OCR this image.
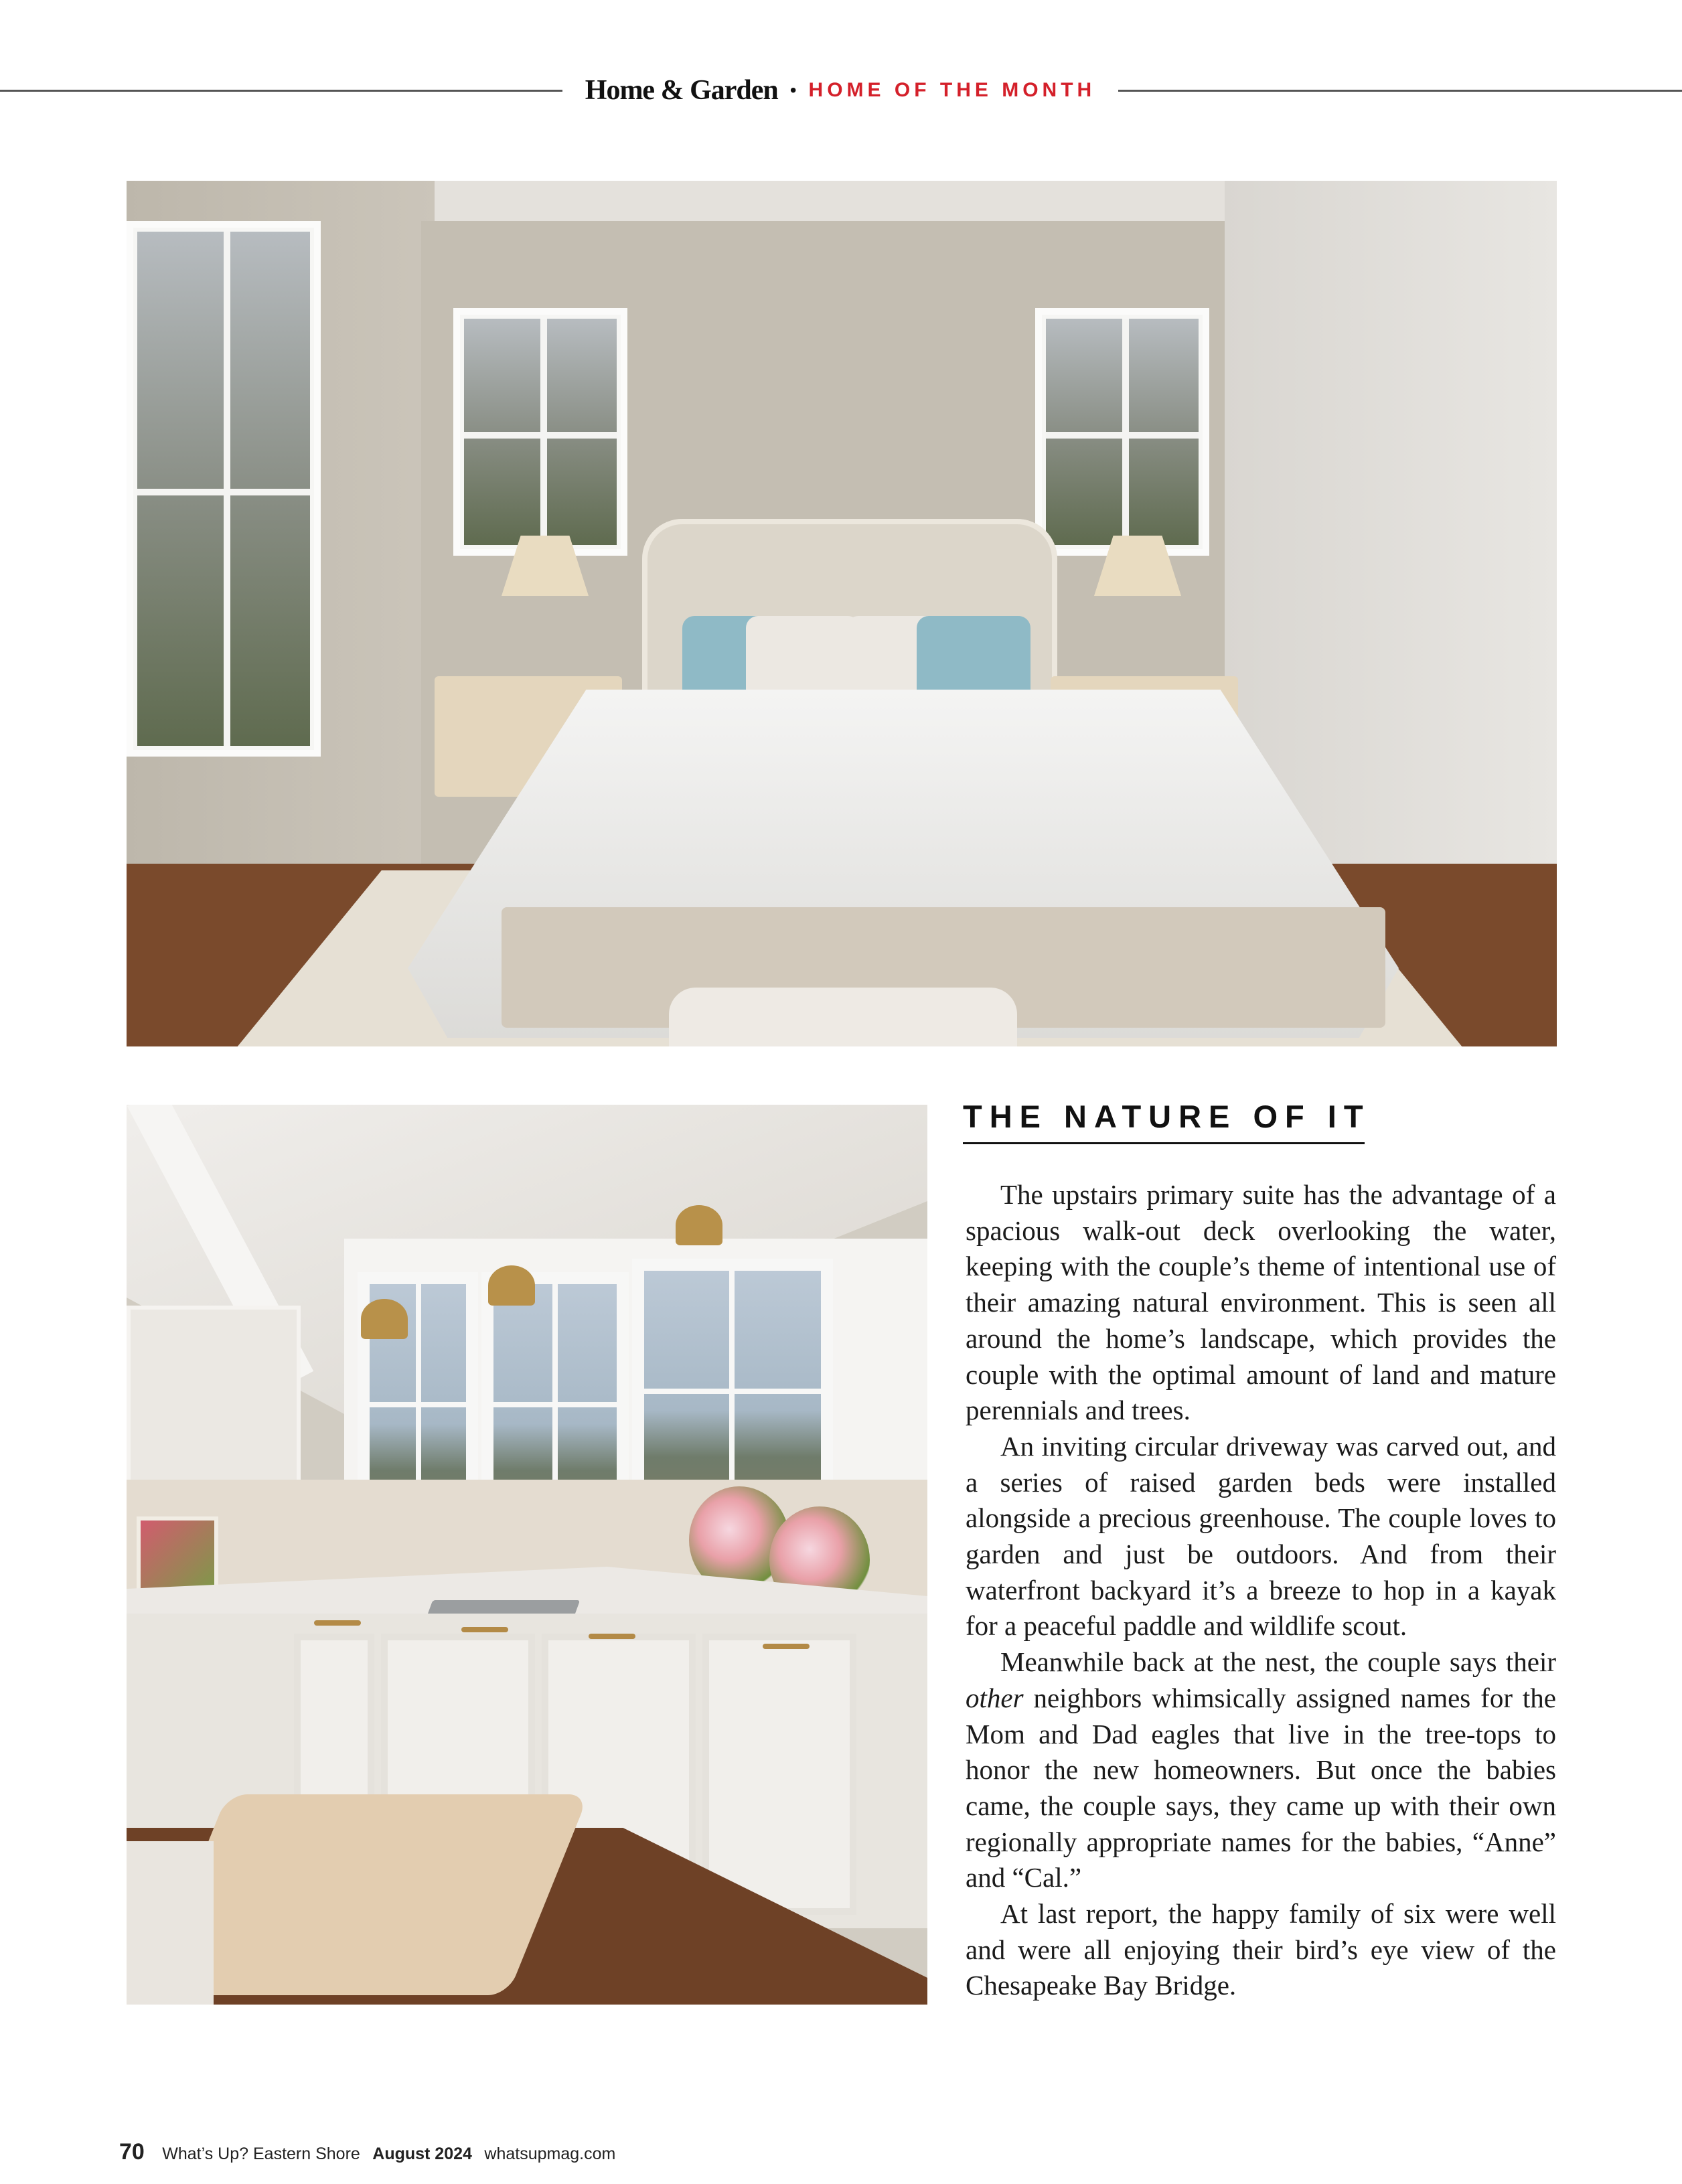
Home & Garden • HOME OF THE MONTH
THE NATURE OF IT

The upstairs primary suite has the advantage of a spacious walk-out deck overlooking the water, keeping with the couple’s theme of intentional use of their amazing natural environment. This is seen all around the home’s landscape, which provides the couple with the optimal amount of land and mature perennials and trees.

An inviting circular driveway was carved out, and a series of raised garden beds were installed alongside a precious greenhouse. The couple loves to garden and just be outdoors. And from their waterfront backyard it’s a breeze to hop in a kayak for a peaceful paddle and wildlife scout.

Meanwhile back at the nest, the couple says their other neighbors whimsically assigned names for the Mom and Dad eagles that live in the tree-tops to honor the new homeowners. But once the babies came, the couple says, they came up with their own regionally appropriate names for the babies, “Anne” and “Cal.”

At last report, the happy family of six were well and were all enjoying their bird’s eye view of the Chesapeake Bay Bridge.

70 What’s Up? Eastern Shore August 2024 whatsupmag.com
